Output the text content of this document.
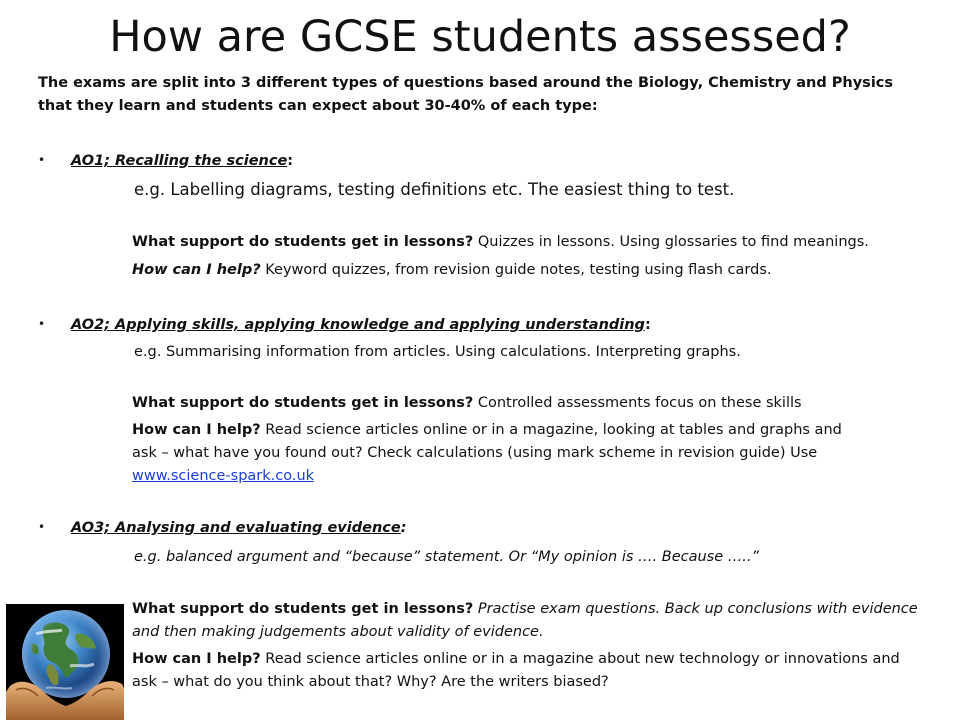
How are GCSE students assessed?
The exams are split into 3 different types of questions based around the Biology, Chemistry and Physics that they learn and students can expect about 30-40% of each type:
• AO1; Recalling the science:
e.g. Labelling diagrams, testing definitions etc. The easiest thing to test.
What support do students get in lessons? Quizzes in lessons. Using glossaries to find meanings.
How can I help? Keyword quizzes, from revision guide notes, testing using flash cards.
• AO2; Applying skills, applying knowledge and applying understanding:
e.g. Summarising information from articles. Using calculations. Interpreting graphs.
What support do students get in lessons? Controlled assessments focus on these skills
How can I help? Read science articles online or in a magazine, looking at tables and graphs and ask – what have you found out? Check calculations (using mark scheme in revision guide) Use www.science-spark.co.uk
• AO3; Analysing and evaluating evidence:
e.g. balanced argument and “because” statement. Or “My opinion is …. Because …..”
What support do students get in lessons? Practise exam questions. Back up conclusions with evidence and then making judgements about validity of evidence.
How can I help? Read science articles online or in a magazine about new technology or innovations and ask – what do you think about that? Why? Are the writers biased?
